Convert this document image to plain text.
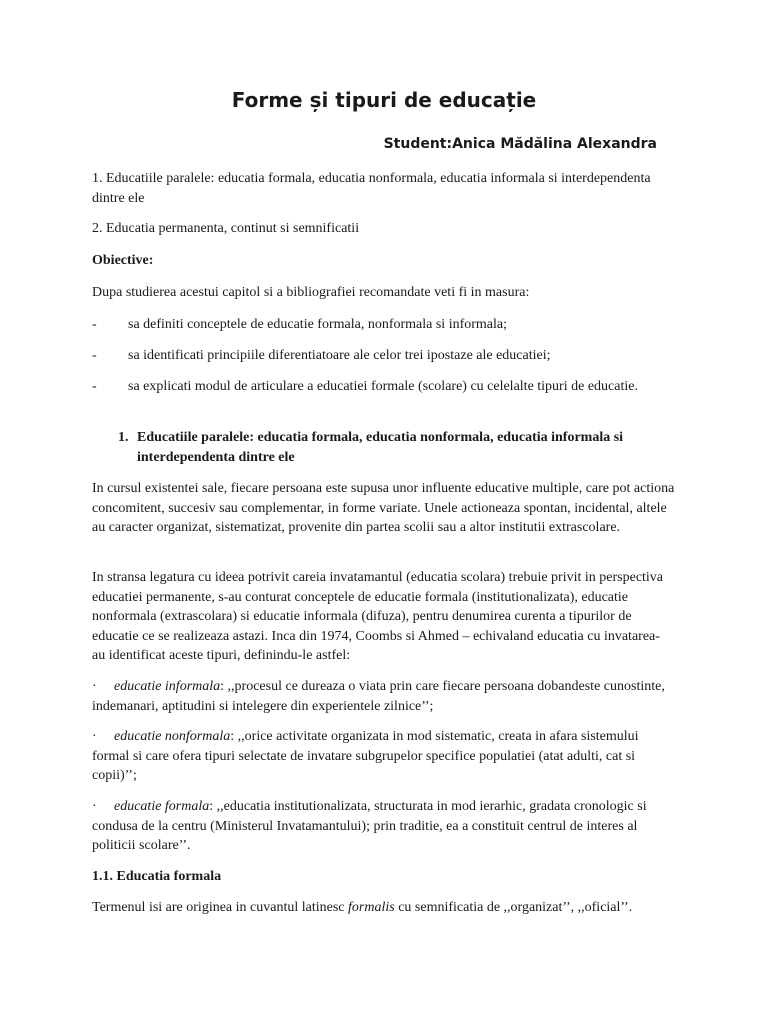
Forme și tipuri de educație
Student:Anica Mădălina Alexandra

1. Educatiile paralele: educatia formala, educatia nonformala, educatia informala si interdependenta dintre ele

2. Educatia permanenta, continut si semnificatii

Obiective:

Dupa studierea acestui capitol si a bibliografiei recomandate veti fi in masura:

-	sa definiti conceptele de educatie formala, nonformala si informala;
-	sa identificati principiile diferentiatoare ale celor trei ipostaze ale educatiei;
-	sa explicati modul de articulare a educatiei formale (scolare) cu celelalte tipuri de educatie.
1. Educatiile paralele: educatia formala, educatia nonformala, educatia informala si interdependenta dintre ele

In cursul existentei sale, fiecare persoana este supusa unor influente educative multiple, care pot actiona concomitent, succesiv sau complementar, in forme variate. Unele actioneaza spontan, incidental, altele au caracter organizat, sistematizat, provenite din partea scolii sau a altor institutii extrascolare.

In stransa legatura cu ideea potrivit careia invatamantul (educatia scolara) trebuie privit in perspectiva educatiei permanente, s-au conturat conceptele de educatie formala (institutionalizata), educatie nonformala (extrascolara) si educatie informala (difuza), pentru denumirea curenta a tipurilor de educatie ce se realizeaza astazi. Inca din 1974, Coombs si Ahmed – echivaland educatia cu invatarea- au identificat aceste tipuri, definindu-le astfel:

· educatie informala: ,,procesul ce dureaza o viata prin care fiecare persoana dobandeste cunostinte, indemanari, aptitudini si intelegere din experientele zilnice’’;
· educatie nonformala: ,,orice activitate organizata in mod sistematic, creata in afara sistemului formal si care ofera tipuri selectate de invatare subgrupelor specifice populatiei (atat adulti, cat si copii)’’;
· educatie formala: ,,educatia institutionalizata, structurata in mod ierarhic, gradata cronologic si condusa de la centru (Ministerul Invatamantului); prin traditie, ea a constituit centrul de interes al politicii scolare’’.

1.1. Educatia formala

Termenul isi are originea in cuvantul latinesc formalis cu semnificatia de ,,organizat’’, ,,oficial’’.
